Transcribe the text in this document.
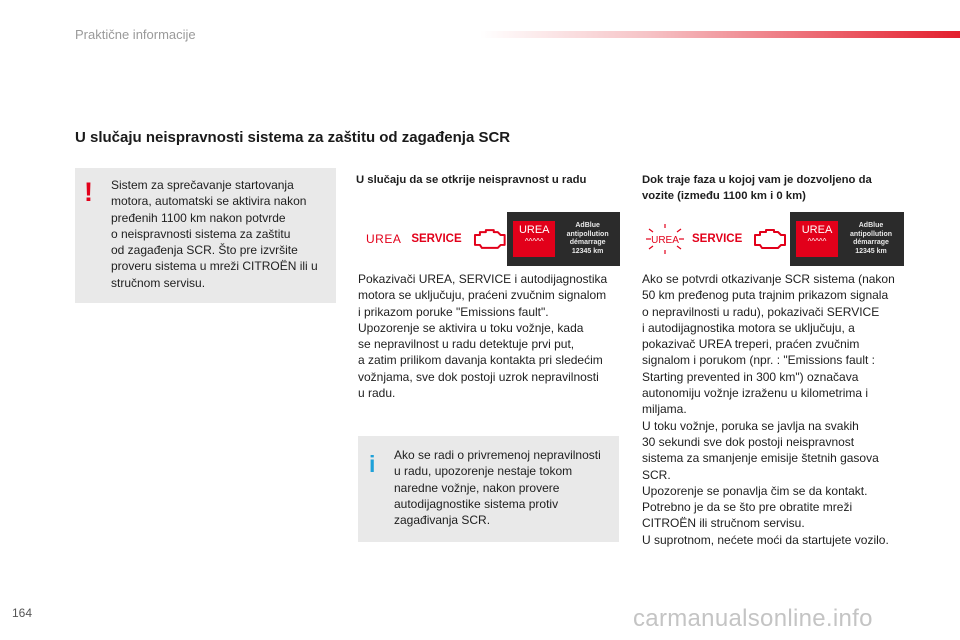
Praktične informacije
U slučaju neispravnosti sistema za zaštitu od zagađenja SCR
! Sistem za sprečavanje startovanja
motora, automatski se aktivira nakon
pređenih 1100 km nakon potvrde
o neispravnosti sistema za zaštitu
od zagađenja SCR. Što pre izvršite
proveru sistema u mreži CITROËN ili u
stručnom servisu.
U slučaju da se otkrije neispravnost u radu	Dok traje faza u kojoj vam je dozvoljeno da
vozite (između 1100 km i 0 km)
UREA SERVICE
UREA
^^^^^
AdBlue
antipollution
démarrage
12345 km
UREA SERVICE
UREA
^^^^^
AdBlue
antipollution
démarrage
12345 km
Pokazivači UREA, SERVICE i autodijagnostika
motora se uključuju, praćeni zvučnim signalom
i prikazom poruke "Emissions fault".
Upozorenje se aktivira u toku vožnje, kada
se nepravilnost u radu detektuje prvi put,
a zatim prilikom davanja kontakta pri sledećim
vožnjama, sve dok postoji uzrok nepravilnosti
u radu.
Ako se potvrdi otkazivanje SCR sistema (nakon
50 km pređenog puta trajnim prikazom signala
o nepravilnosti u radu), pokazivači SERVICE
i autodijagnostika motora se uključuju, a
pokazivač UREA treperi, praćen zvučnim
signalom i porukom (npr. : "Emissions fault :
Starting prevented in 300 km") označava
autonomiju vožnje izraženu u kilometrima i
miljama.
U toku vožnje, poruka se javlja na svakih
30 sekundi sve dok postoji neispravnost
sistema za smanjenje emisije štetnih gasova
SCR.
Upozorenje se ponavlja čim se da kontakt.
Potrebno je da se što pre obratite mreži
CITROËN ili stručnom servisu.
U suprotnom, nećete moći da startujete vozilo.
i Ako se radi o privremenoj nepravilnosti
u radu, upozorenje nestaje tokom
naredne vožnje, nakon provere
autodijagnostike sistema protiv
zagađivanja SCR.
164	carmanualsonline.info
